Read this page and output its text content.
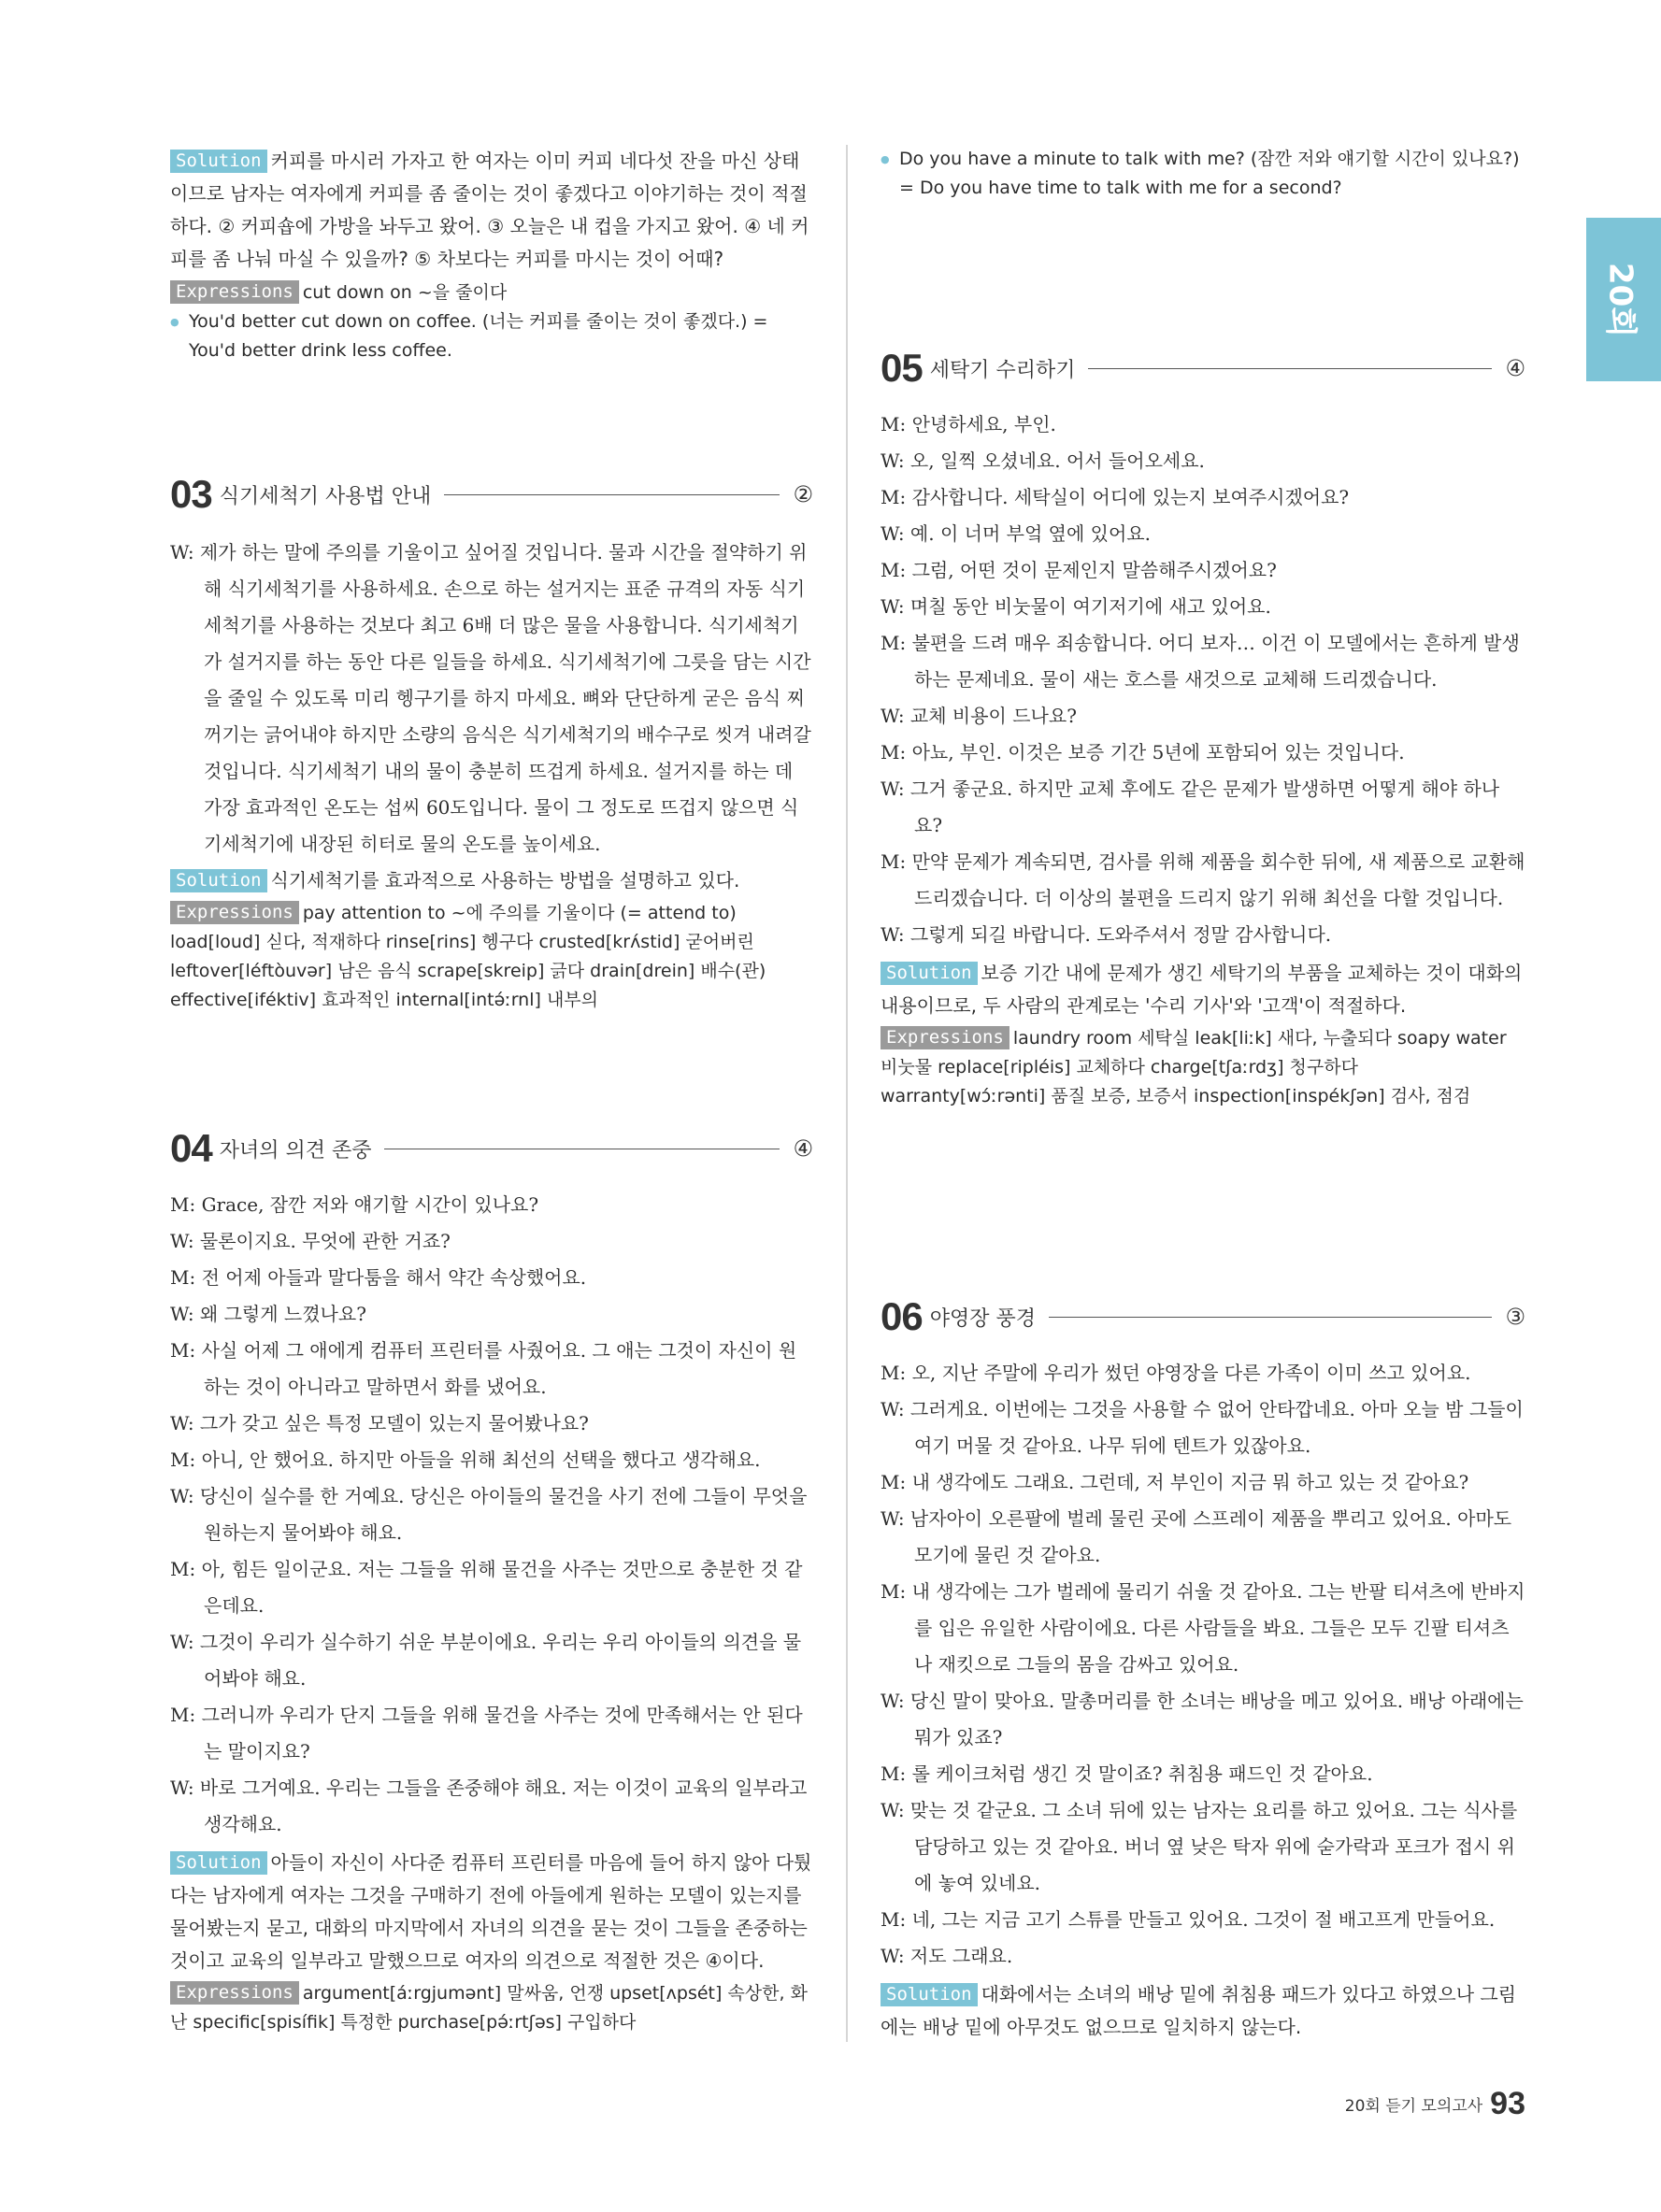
20회

Solution 커피를 마시러 가자고 한 여자는 이미 커피 네다섯 잔을 마신 상태이므로 남자는 여자에게 커피를 좀 줄이는 것이 좋겠다고 이야기하는 것이 적절하다. ② 커피숍에 가방을 놔두고 왔어. ③ 오늘은 내 컵을 가지고 왔어. ④ 네 커피를 좀 나눠 마실 수 있을까? ⑤ 차보다는 커피를 마시는 것이 어때?

Expressions cut down on ~을 줄이다

● You'd better cut down on coffee. (너는 커피를 줄이는 것이 좋겠다.) = You'd better drink less coffee.

03 식기세척기 사용법 안내	②

W: 제가 하는 말에 주의를 기울이고 싶어질 것입니다. 물과 시간을 절약하기 위해 식기세척기를 사용하세요. 손으로 하는 설거지는 표준 규격의 자동 식기세척기를 사용하는 것보다 최고 6배 더 많은 물을 사용합니다. 식기세척기가 설거지를 하는 동안 다른 일들을 하세요. 식기세척기에 그릇을 담는 시간을 줄일 수 있도록 미리 헹구기를 하지 마세요. 뼈와 단단하게 굳은 음식 찌꺼기는 긁어내야 하지만 소량의 음식은 식기세척기의 배수구로 씻겨 내려갈 것입니다. 식기세척기 내의 물이 충분히 뜨겁게 하세요. 설거지를 하는 데 가장 효과적인 온도는 섭씨 60도입니다. 물이 그 정도로 뜨겁지 않으면 식기세척기에 내장된 히터로 물의 온도를 높이세요.

Solution 식기세척기를 효과적으로 사용하는 방법을 설명하고 있다.

Expressions pay attention to ~에 주의를 기울이다 (= attend to) load[loud] 싣다, 적재하다 rinse[rins] 헹구다 crusted[krʌ́stid] 굳어버린 leftover[léftòuvər] 남은 음식 scrape[skreip] 긁다 drain[drein] 배수(관) effective[iféktiv] 효과적인 internal[intə́ːrnl] 내부의

04 자녀의 의견 존중	④

M: Grace, 잠깐 저와 얘기할 시간이 있나요?

W: 물론이지요. 무엇에 관한 거죠?

M: 전 어제 아들과 말다툼을 해서 약간 속상했어요.

W: 왜 그렇게 느꼈나요?

M: 사실 어제 그 애에게 컴퓨터 프린터를 사줬어요. 그 애는 그것이 자신이 원하는 것이 아니라고 말하면서 화를 냈어요.

W: 그가 갖고 싶은 특정 모델이 있는지 물어봤나요?

M: 아니, 안 했어요. 하지만 아들을 위해 최선의 선택을 했다고 생각해요.

W: 당신이 실수를 한 거예요. 당신은 아이들의 물건을 사기 전에 그들이 무엇을 원하는지 물어봐야 해요.

M: 아, 힘든 일이군요. 저는 그들을 위해 물건을 사주는 것만으로 충분한 것 같은데요.

W: 그것이 우리가 실수하기 쉬운 부분이에요. 우리는 우리 아이들의 의견을 물어봐야 해요.

M: 그러니까 우리가 단지 그들을 위해 물건을 사주는 것에 만족해서는 안 된다는 말이지요?

W: 바로 그거예요. 우리는 그들을 존중해야 해요. 저는 이것이 교육의 일부라고 생각해요.

Solution 아들이 자신이 사다준 컴퓨터 프린터를 마음에 들어 하지 않아 다퉜다는 남자에게 여자는 그것을 구매하기 전에 아들에게 원하는 모델이 있는지를 물어봤는지 묻고, 대화의 마지막에서 자녀의 의견을 묻는 것이 그들을 존중하는 것이고 교육의 일부라고 말했으므로 여자의 의견으로 적절한 것은 ④이다.

Expressions argument[áːrgjumənt] 말싸움, 언쟁 upset[ʌpsét] 속상한, 화난 specific[spisífik] 특정한 purchase[pə́ːrtʃəs] 구입하다

● Do you have a minute to talk with me? (잠깐 저와 얘기할 시간이 있나요?) = Do you have time to talk with me for a second?

05 세탁기 수리하기	④

M: 안녕하세요, 부인.

W: 오, 일찍 오셨네요. 어서 들어오세요.

M: 감사합니다. 세탁실이 어디에 있는지 보여주시겠어요?

W: 예. 이 너머 부엌 옆에 있어요.

M: 그럼, 어떤 것이 문제인지 말씀해주시겠어요?

W: 며칠 동안 비눗물이 여기저기에 새고 있어요.

M: 불편을 드려 매우 죄송합니다. 어디 보자… 이건 이 모델에서는 흔하게 발생하는 문제네요. 물이 새는 호스를 새것으로 교체해 드리겠습니다.

W: 교체 비용이 드나요?

M: 아뇨, 부인. 이것은 보증 기간 5년에 포함되어 있는 것입니다.

W: 그거 좋군요. 하지만 교체 후에도 같은 문제가 발생하면 어떻게 해야 하나요?

M: 만약 문제가 계속되면, 검사를 위해 제품을 회수한 뒤에, 새 제품으로 교환해 드리겠습니다. 더 이상의 불편을 드리지 않기 위해 최선을 다할 것입니다.

W: 그렇게 되길 바랍니다. 도와주셔서 정말 감사합니다.

Solution 보증 기간 내에 문제가 생긴 세탁기의 부품을 교체하는 것이 대화의 내용이므로, 두 사람의 관계로는 '수리 기사'와 '고객'이 적절하다.

Expressions laundry room 세탁실 leak[liːk] 새다, 누출되다 soapy water 비눗물 replace[ripléis] 교체하다 charge[tʃaːrdʒ] 청구하다 warranty[wɔ́ːrənti] 품질 보증, 보증서 inspection[inspékʃən] 검사, 점검

06 야영장 풍경	③

M: 오, 지난 주말에 우리가 썼던 야영장을 다른 가족이 이미 쓰고 있어요.

W: 그러게요. 이번에는 그것을 사용할 수 없어 안타깝네요. 아마 오늘 밤 그들이 여기 머물 것 같아요. 나무 뒤에 텐트가 있잖아요.

M: 내 생각에도 그래요. 그런데, 저 부인이 지금 뭐 하고 있는 것 같아요?

W: 남자아이 오른팔에 벌레 물린 곳에 스프레이 제품을 뿌리고 있어요. 아마도 모기에 물린 것 같아요.

M: 내 생각에는 그가 벌레에 물리기 쉬울 것 같아요. 그는 반팔 티셔츠에 반바지를 입은 유일한 사람이에요. 다른 사람들을 봐요. 그들은 모두 긴팔 티셔츠나 재킷으로 그들의 몸을 감싸고 있어요.

W: 당신 말이 맞아요. 말총머리를 한 소녀는 배낭을 메고 있어요. 배낭 아래에는 뭐가 있죠?

M: 롤 케이크처럼 생긴 것 말이죠? 취침용 패드인 것 같아요.

W: 맞는 것 같군요. 그 소녀 뒤에 있는 남자는 요리를 하고 있어요. 그는 식사를 담당하고 있는 것 같아요. 버너 옆 낮은 탁자 위에 숟가락과 포크가 접시 위에 놓여 있네요.

M: 네, 그는 지금 고기 스튜를 만들고 있어요. 그것이 절 배고프게 만들어요.

W: 저도 그래요.

Solution 대화에서는 소녀의 배낭 밑에 취침용 패드가 있다고 하였으나 그림에는 배낭 밑에 아무것도 없으므로 일치하지 않는다.

20회 듣기 모의고사 93
